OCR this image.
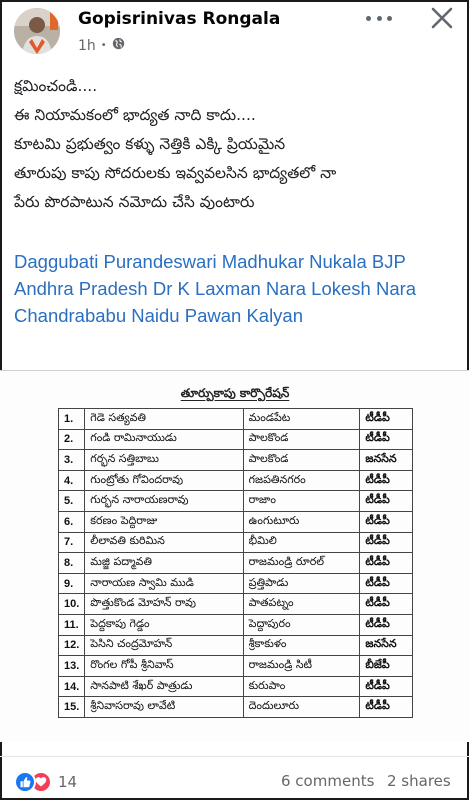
Gopisrinivas Rongala
1h •

క్షమించండి....

ఈ నియామకంలో భాద్యత నాది కాదు....

కూటమి ప్రభుత్వం కళ్ళు నెత్తికి ఎక్కి ప్రియమైన

తూరుపు కాపు సోదరులకు ఇవ్వవలసిన భాద్యతలో నా

పేరు పొరపాటున నమోదు చేసి వుంటారు

Daggubati Purandeswari Madhukar Nukala BJP Andhra Pradesh Dr K Laxman Nara Lokesh Nara Chandrababu Naidu Pawan Kalyan
తూర్పుకాపు కార్పొరేషన్
1.	గెడె సత్యవతి	మండపేట	టీడీపీ
2.	గండి రామినాయుడు	పాలకొండ	టీడీపీ
3.	గర్భన సత్తిబాబు	పాలకొండ	జనసేన
4.	గుంట్రోతు గోవిందరావు	గజపతినగరం	టీడీపీ
5.	గుర్భన నారాయణరావు	రాజాం	టీడీపీ
6.	కరణం పెద్దిరాజు	ఉంగుటూరు	టీడీపీ
7.	లీలావతి కురిమిన	భీమిలి	టీడీపీ
8.	మజ్జి పద్మావతి	రాజమండ్రి రూరల్	టీడీపీ
9.	నారాయణ స్వామి ముడి	ప్రత్తిపాడు	టీడీపీ
10.	పొత్తుకొండ మోహన్ రావు	పాతపట్నం	టీడీపీ
11.	పెద్దకాపు గెడ్డం	పెద్దాపురం	టీడీపీ
12.	పెసిని చంద్రమోహన్	శ్రీకాకుళం	జనసేన
13.	రొంగల గోపీ శ్రీనివాస్	రాజమండ్రి సిటీ	బీజేపీ
14.	సానపాటి శేఖర్ పాత్రుడు	కురుపాం	టీడీపీ
15.	శ్రీనివాసరావు లావేటి	దెందులూరు	టీడీపీ
14	6 comments 2 shares
